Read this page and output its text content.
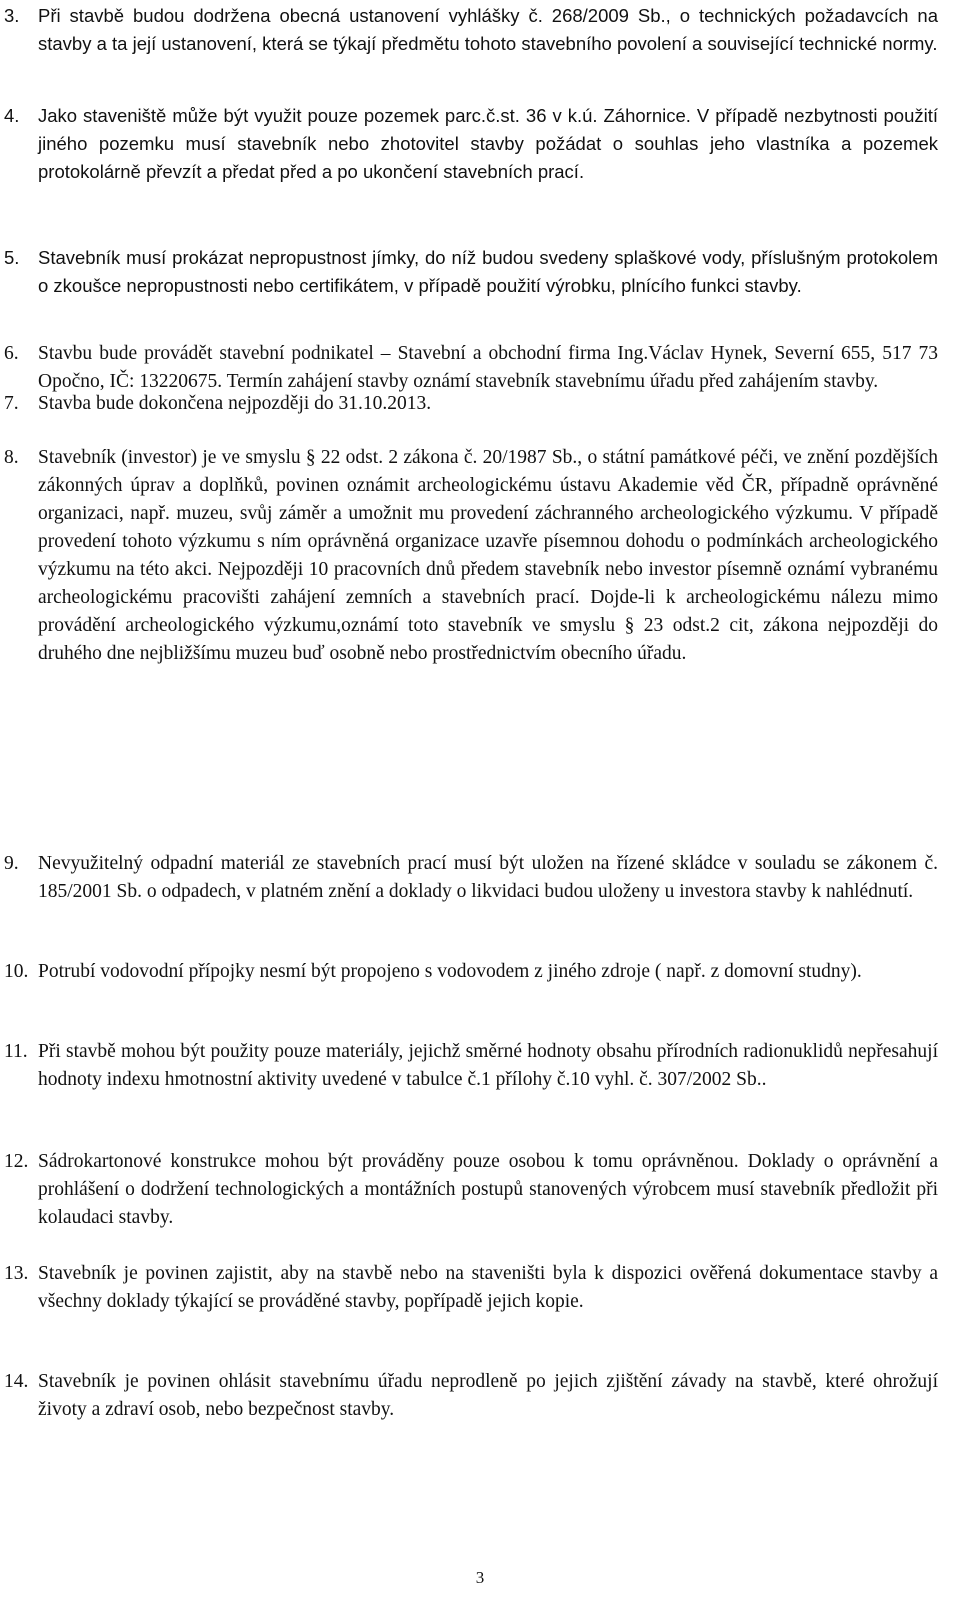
3.	Při stavbě budou dodržena obecná ustanovení vyhlášky č. 268/2009 Sb., o technických požadavcích na stavby a ta její ustanovení, která se týkají předmětu tohoto stavebního povolení a související technické normy.
4.	Jako staveniště může být využit pouze pozemek parc.č.st. 36 v k.ú. Záhornice. V případě nezbytnosti použití jiného pozemku musí stavebník nebo zhotovitel stavby požádat o souhlas jeho vlastníka a pozemek protokolárně převzít a předat před a po ukončení stavebních prací.
5.	Stavebník musí prokázat nepropustnost jímky, do níž budou svedeny splaškové vody, příslušným protokolem o zkoušce nepropustnosti nebo certifikátem, v případě použití výrobku, plnícího funkci stavby.
6. Stavbu bude provádět stavební podnikatel – Stavební a obchodní firma Ing.Václav Hynek, Severní 655, 517 73 Opočno, IČ: 13220675. Termín zahájení stavby oznámí stavebník stavebnímu úřadu před zahájením stavby.
7. Stavba bude dokončena nejpozději do 31.10.2013.
8. Stavebník (investor) je ve smyslu § 22 odst. 2 zákona č. 20/1987 Sb., o státní památkové péči, ve znění pozdějších zákonných úprav a doplňků, povinen oznámit archeologickému ústavu Akademie věd ČR, případně oprávněné organizaci, např. muzeu, svůj záměr a umožnit mu provedení záchranného archeologického výzkumu. V případě provedení tohoto výzkumu s ním oprávněná organizace uzavře písemnou dohodu o podmínkách archeologického výzkumu na této akci. Nejpozději 10 pracovních dnů předem stavebník nebo investor písemně oznámí vybranému archeologickému pracovišti zahájení zemních a stavebních prací. Dojde-li k archeologickému nálezu mimo provádění archeologického výzkumu,oznámí toto stavebník ve smyslu § 23 odst.2 cit, zákona nejpozději do druhého dne nejbližšímu muzeu buď osobně nebo prostřednictvím obecního úřadu.
9. Nevyužitelný odpadní materiál ze stavebních prací musí být uložen na řízené skládce v souladu se zákonem č. 185/2001 Sb. o odpadech, v platném znění a doklady o likvidaci budou uloženy u investora stavby k nahlédnutí.
10. Potrubí vodovodní přípojky nesmí být propojeno s vodovodem z jiného zdroje ( např. z domovní studny).
11. Při stavbě mohou být použity pouze materiály, jejichž směrné hodnoty obsahu přírodních radionuklidů nepřesahují hodnoty indexu hmotnostní aktivity uvedené v tabulce č.1 přílohy č.10 vyhl. č. 307/2002 Sb..
12. Sádrokartonové konstrukce mohou být prováděny pouze osobou k tomu oprávněnou. Doklady o oprávnění a prohlášení o dodržení technologických a montážních postupů stanovených výrobcem musí stavebník předložit při kolaudaci stavby.
13. Stavebník je povinen zajistit, aby na stavbě nebo na staveništi byla k dispozici ověřená dokumentace stavby a všechny doklady týkající se prováděné stavby, popřípadě jejich kopie.
14. Stavebník je povinen ohlásit stavebnímu úřadu neprodleně po jejich zjištění závady na stavbě, které ohrožují životy a zdraví osob, nebo bezpečnost stavby.
3
